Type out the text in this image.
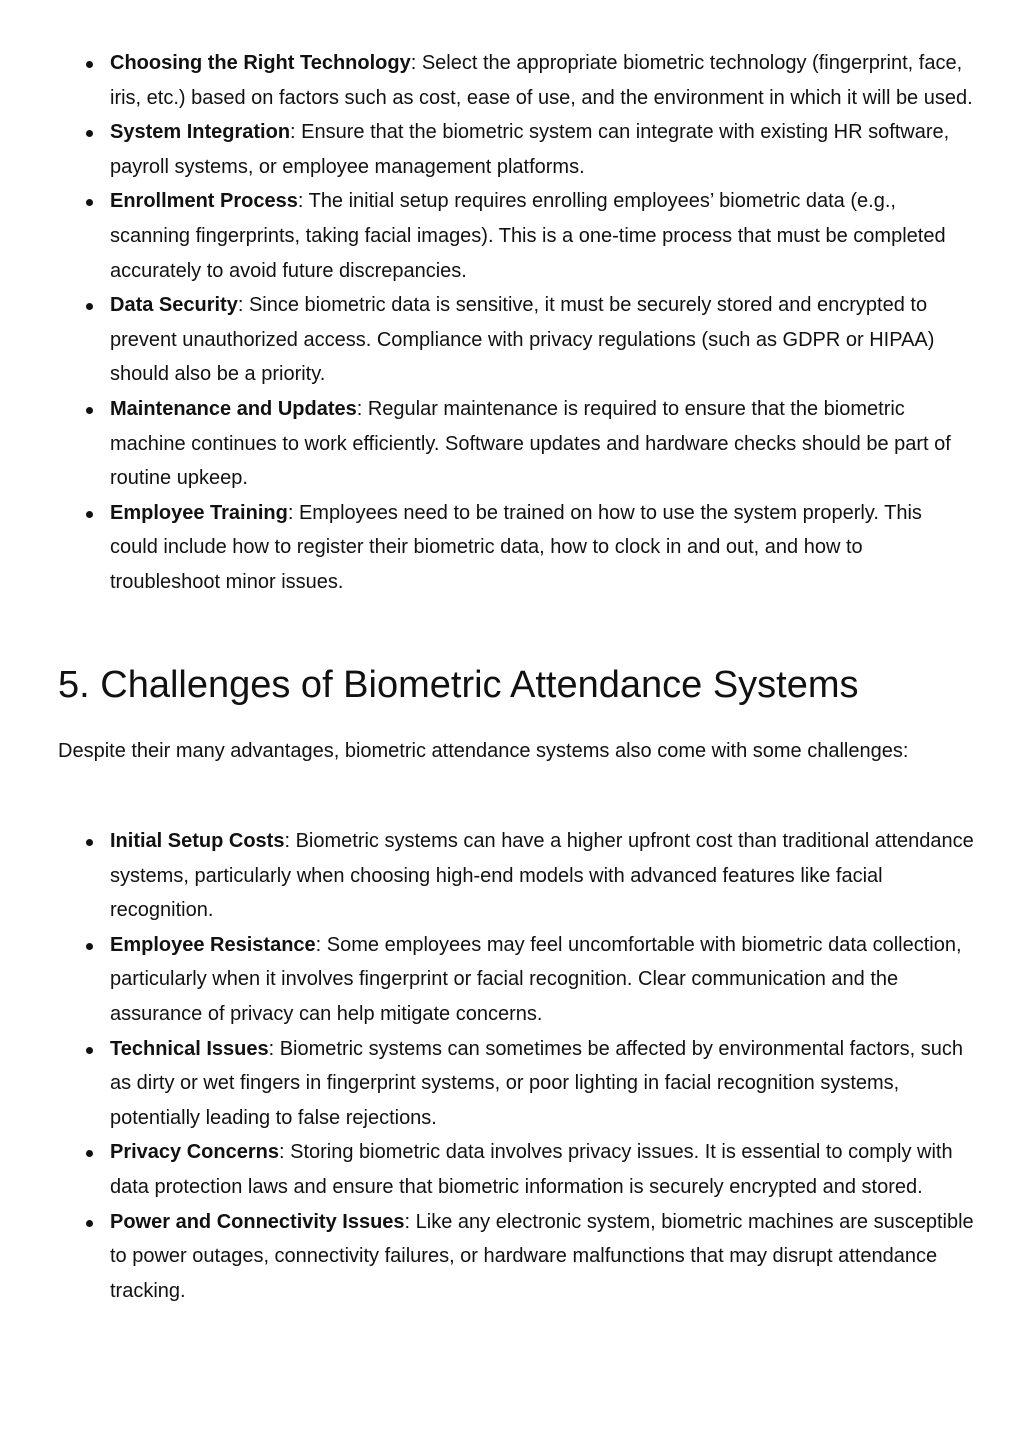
Choosing the Right Technology: Select the appropriate biometric technology (fingerprint, face, iris, etc.) based on factors such as cost, ease of use, and the environment in which it will be used.
System Integration: Ensure that the biometric system can integrate with existing HR software, payroll systems, or employee management platforms.
Enrollment Process: The initial setup requires enrolling employees’ biometric data (e.g., scanning fingerprints, taking facial images). This is a one-time process that must be completed accurately to avoid future discrepancies.
Data Security: Since biometric data is sensitive, it must be securely stored and encrypted to prevent unauthorized access. Compliance with privacy regulations (such as GDPR or HIPAA) should also be a priority.
Maintenance and Updates: Regular maintenance is required to ensure that the biometric machine continues to work efficiently. Software updates and hardware checks should be part of routine upkeep.
Employee Training: Employees need to be trained on how to use the system properly. This could include how to register their biometric data, how to clock in and out, and how to troubleshoot minor issues.
5. Challenges of Biometric Attendance Systems

Despite their many advantages, biometric attendance systems also come with some challenges:

Initial Setup Costs: Biometric systems can have a higher upfront cost than traditional attendance systems, particularly when choosing high-end models with advanced features like facial recognition.
Employee Resistance: Some employees may feel uncomfortable with biometric data collection, particularly when it involves fingerprint or facial recognition. Clear communication and the assurance of privacy can help mitigate concerns.
Technical Issues: Biometric systems can sometimes be affected by environmental factors, such as dirty or wet fingers in fingerprint systems, or poor lighting in facial recognition systems, potentially leading to false rejections.
Privacy Concerns: Storing biometric data involves privacy issues. It is essential to comply with data protection laws and ensure that biometric information is securely encrypted and stored.
Power and Connectivity Issues: Like any electronic system, biometric machines are susceptible to power outages, connectivity failures, or hardware malfunctions that may disrupt attendance tracking.
